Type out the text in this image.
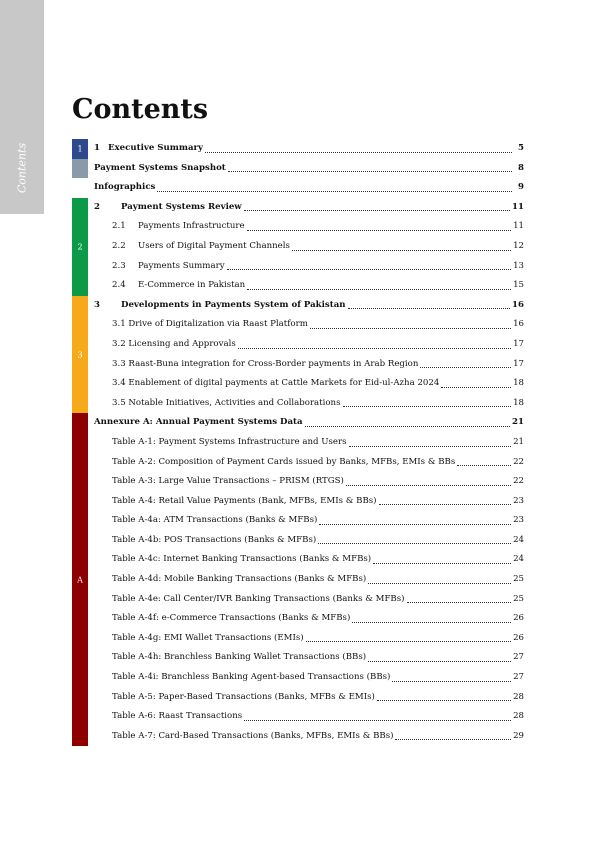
Contents
Contents
1	1 Executive Summary	5
Payment Systems Snapshot	8
Infographics	9
2
2	Payment Systems Review	11
2.1	Payments Infrastructure	11
2.2	Users of Digital Payment Channels	12
2.3	Payments Summary	13
2.4	E-Commerce in Pakistan	15
3
3	Developments in Payments System of Pakistan	16
3.1 Drive of Digitalization via Raast Platform	16
3.2 Licensing and Approvals	17
3.3 Raast-Buna integration for Cross-Border payments in Arab Region	17
3.4 Enablement of digital payments at Cattle Markets for Eid-ul-Azha 2024	18
3.5 Notable Initiatives, Activities and Collaborations	18
A
Annexure A: Annual Payment Systems Data	21
Table A-1: Payment Systems Infrastructure and Users	21
Table A-2: Composition of Payment Cards issued by Banks, MFBs, EMIs & BBs	22
Table A-3: Large Value Transactions – PRISM (RTGS)	22
Table A-4: Retail Value Payments (Bank, MFBs, EMIs & BBs)	23
Table A-4a: ATM Transactions (Banks & MFBs)	23
Table A-4b: POS Transactions (Banks & MFBs)	24
Table A-4c: Internet Banking Transactions (Banks & MFBs)	24
Table A-4d: Mobile Banking Transactions (Banks & MFBs)	25
Table A-4e: Call Center/IVR Banking Transactions (Banks & MFBs)	25
Table A-4f: e-Commerce Transactions (Banks & MFBs)	26
Table A-4g: EMI Wallet Transactions (EMIs)	26
Table A-4h: Branchless Banking Wallet Transactions (BBs)	27
Table A-4i: Branchless Banking Agent-based Transactions (BBs)	27
Table A-5: Paper-Based Transactions (Banks, MFBs & EMIs)	28
Table A-6: Raast Transactions	28
Table A-7: Card-Based Transactions (Banks, MFBs, EMIs & BBs)	29
